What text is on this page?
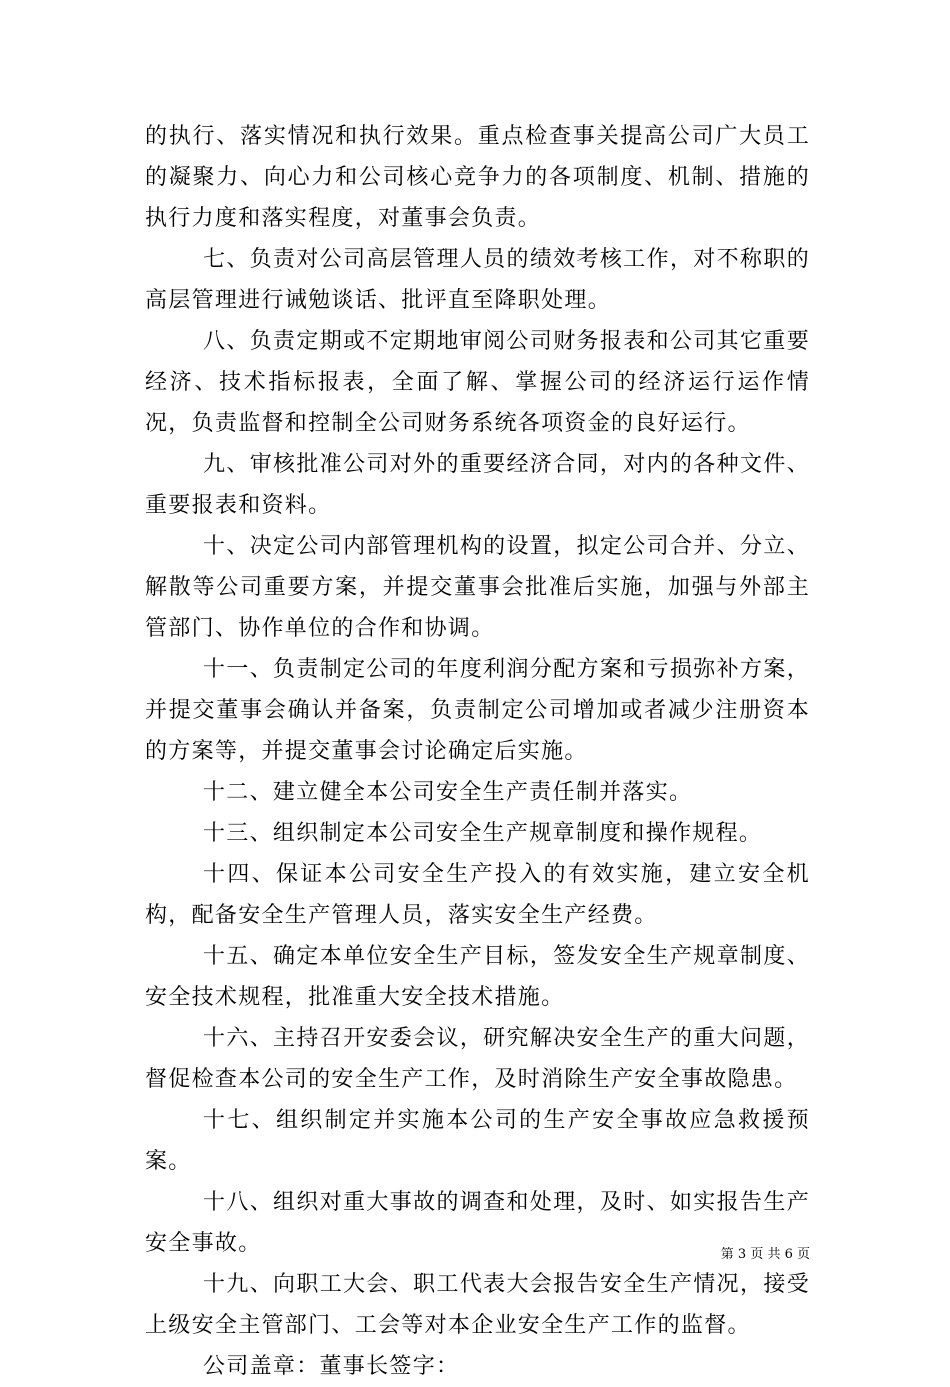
的执行、落实情况和执行效果。重点检查事关提高公司广大员工的凝聚力、向心力和公司核心竞争力的各项制度、机制、措施的执行力度和落实程度，对董事会负责。

七、负责对公司高层管理人员的绩效考核工作，对不称职的高层管理进行诫勉谈话、批评直至降职处理。

八、负责定期或不定期地审阅公司财务报表和公司其它重要经济、技术指标报表，全面了解、掌握公司的经济运行运作情况，负责监督和控制全公司财务系统各项资金的良好运行。

九、审核批准公司对外的重要经济合同，对内的各种文件、重要报表和资料。

十、决定公司内部管理机构的设置，拟定公司合并、分立、解散等公司重要方案，并提交董事会批准后实施，加强与外部主管部门、协作单位的合作和协调。

十一、负责制定公司的年度利润分配方案和亏损弥补方案，并提交董事会确认并备案，负责制定公司增加或者减少注册资本的方案等，并提交董事会讨论确定后实施。

十二、建立健全本公司安全生产责任制并落实。

十三、组织制定本公司安全生产规章制度和操作规程。

十四、保证本公司安全生产投入的有效实施，建立安全机构，配备安全生产管理人员，落实安全生产经费。

十五、确定本单位安全生产目标，签发安全生产规章制度、安全技术规程，批准重大安全技术措施。

十六、主持召开安委会议，研究解决安全生产的重大问题，督促检查本公司的安全生产工作，及时消除生产安全事故隐患。

十七、组织制定并实施本公司的生产安全事故应急救援预案。

十八、组织对重大事故的调查和处理，及时、如实报告生产安全事故。

十九、向职工大会、职工代表大会报告安全生产情况，接受上级安全主管部门、工会等对本企业安全生产工作的监督。

公司盖章：董事长签字：

第 3 页 共 6 页
